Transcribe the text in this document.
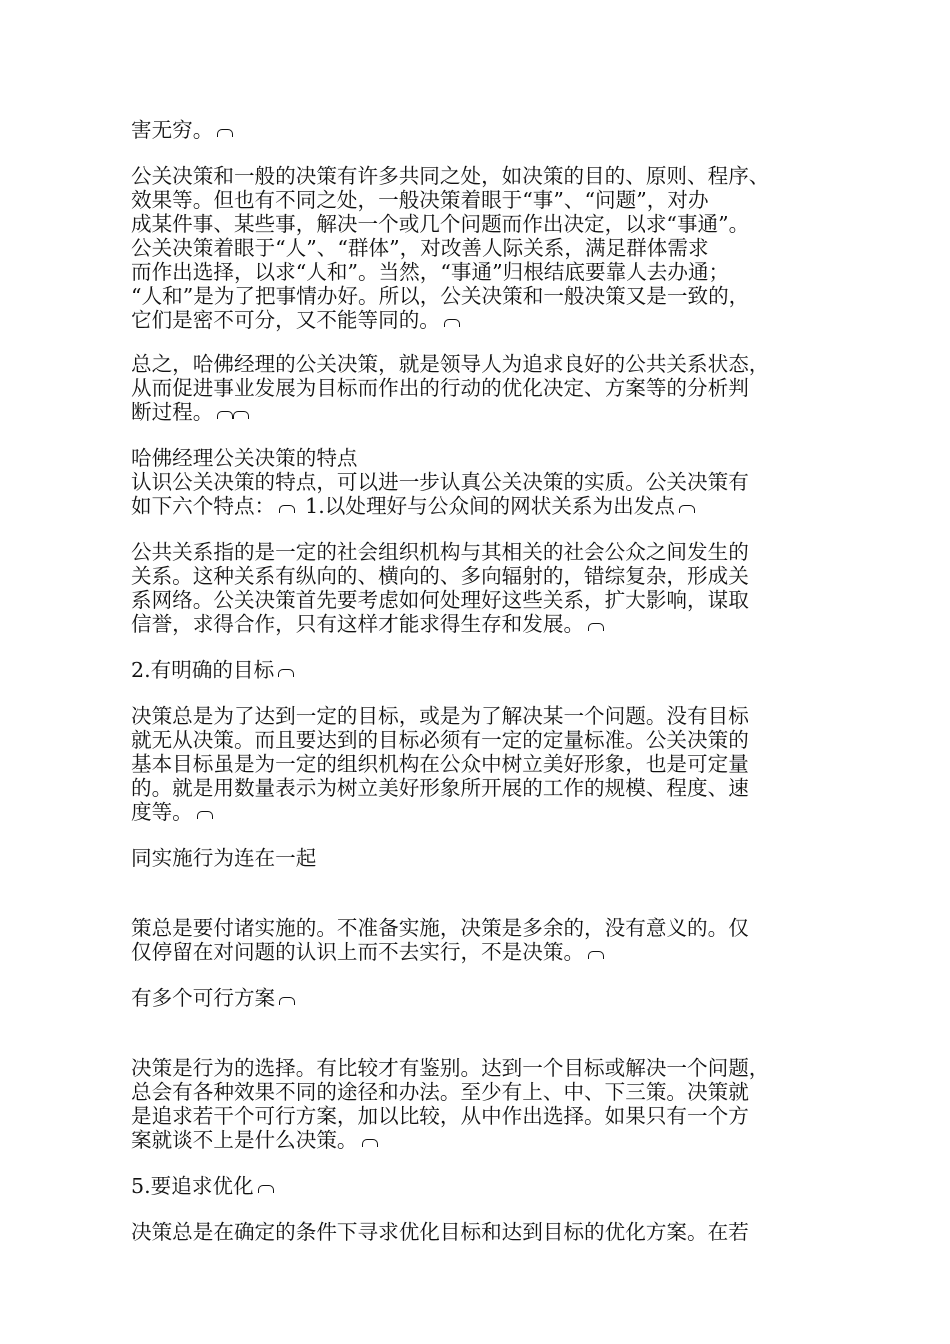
害无穷。
公关决策和一般的决策有许多共同之处，如决策的目的、原则、程序、
效果等。但也有不同之处，一般决策着眼于“事”、“问题”，对办
成某件事、某些事，解决一个或几个问题而作出决定，以求“事通”。
公关决策着眼于“人”、“群体”，对改善人际关系，满足群体需求
而作出选择，以求“人和”。当然，“事通”归根结底要靠人去办通；
“人和”是为了把事情办好。所以，公关决策和一般决策又是一致的，
它们是密不可分，又不能等同的。
总之，哈佛经理的公关决策，就是领导人为追求良好的公共关系状态，
从而促进事业发展为目标而作出的行动的优化决定、方案等的分析判
断过程。
哈佛经理公关决策的特点
认识公关决策的特点，可以进一步认真公关决策的实质。公关决策有
如下六个特点： 1.以处理好与公众间的网状关系为出发点
公共关系指的是一定的社会组织机构与其相关的社会公众之间发生的
关系。这种关系有纵向的、横向的、多向辐射的，错综复杂，形成关
系网络。公关决策首先要考虑如何处理好这些关系，扩大影响，谋取
信誉，求得合作，只有这样才能求得生存和发展。
2.有明确的目标
决策总是为了达到一定的目标，或是为了解决某一个问题。没有目标
就无从决策。而且要达到的目标必须有一定的定量标准。公关决策的
基本目标虽是为一定的组织机构在公众中树立美好形象，也是可定量
的。就是用数量表示为树立美好形象所开展的工作的规模、程度、速
度等。
同实施行为连在一起
策总是要付诸实施的。不准备实施，决策是多余的，没有意义的。仅
仅停留在对问题的认识上而不去实行，不是决策。
有多个可行方案
决策是行为的选择。有比较才有鉴别。达到一个目标或解决一个问题，
总会有各种效果不同的途径和办法。至少有上、中、下三策。决策就
是追求若干个可行方案，加以比较，从中作出选择。如果只有一个方
案就谈不上是什么决策。
5.要追求优化
决策总是在确定的条件下寻求优化目标和达到目标的优化方案。在若
